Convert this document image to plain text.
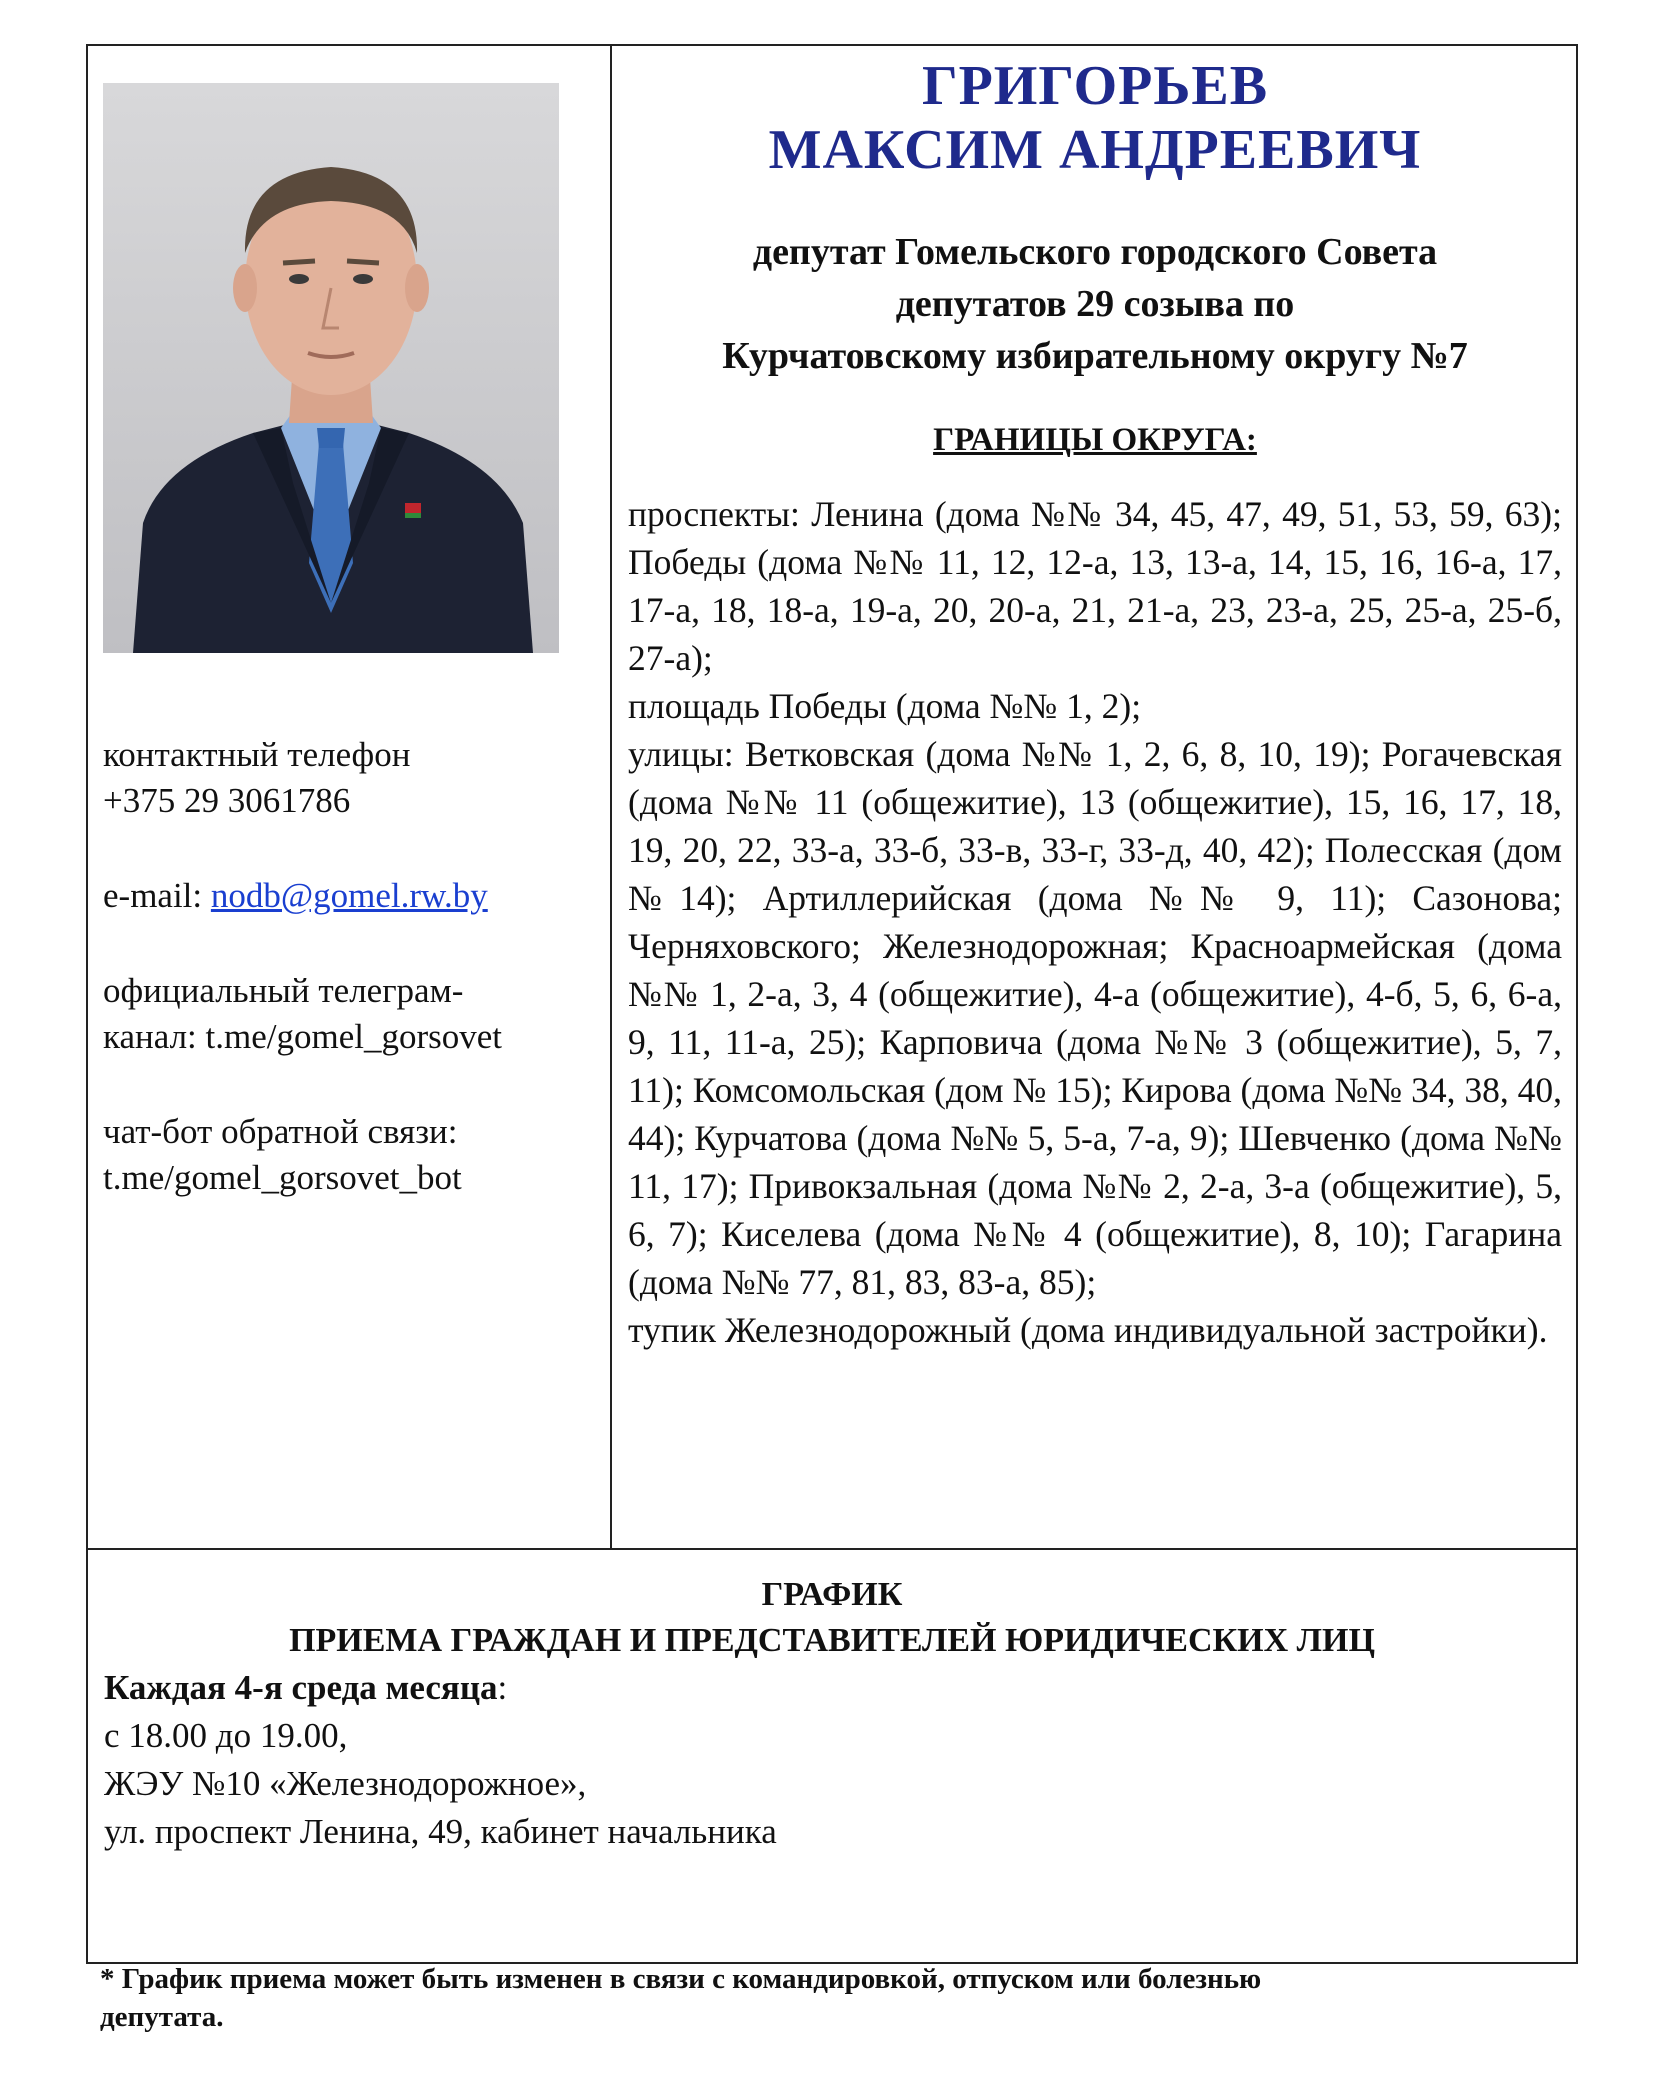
контактный телефон

+375 29 3061786

e-mail: nodb@gomel.rw.by

официальный телеграм-

канал: t.me/gomel_gorsovet

чат-бот обратной связи:

t.me/gomel_gorsovet_bot

ГРИГОРЬЕВ
МАКСИМ АНДРЕЕВИЧ
депутат Гомельского городского Совета
депутатов 29 созыва по
Курчатовскому избирательному округу №7
ГРАНИЦЫ ОКРУГА:

проспекты: Ленина (дома №№ 34, 45, 47, 49, 51, 53, 59, 63); Победы (дома №№ 11, 12, 12-а, 13, 13-а, 14, 15, 16, 16-а, 17, 17-а, 18, 18-а, 19-а, 20, 20-а, 21, 21-а, 23, 23-а, 25, 25-а, 25-б, 27-а);

площадь Победы (дома №№ 1, 2);

улицы: Ветковская (дома №№ 1, 2, 6, 8, 10, 19); Рогачевская (дома №№ 11 (общежитие), 13 (общежитие), 15, 16, 17, 18, 19, 20, 22, 33-а, 33-б, 33-в, 33-г, 33-д, 40, 42); Полесская (дом №14); Артиллерийская (дома №№ 9, 11); Сазонова; Черняховского; Железнодорожная; Красноармейская (дома №№ 1, 2-а, 3, 4 (общежитие), 4-а (общежитие), 4-б, 5, 6, 6-а, 9, 11, 11-а, 25); Карповича (дома №№ 3 (общежитие), 5, 7, 11); Комсомольская (дом № 15); Кирова (дома №№ 34, 38, 40, 44); Курчатова (дома №№ 5, 5-а, 7-а, 9); Шевченко (дома №№ 11, 17); Привокзальная (дома №№ 2, 2-а, 3-а (общежитие), 5, 6, 7); Киселева (дома №№ 4 (общежитие), 8, 10); Гагарина (дома №№ 77, 81, 83, 83-а, 85);

тупик Железнодорожный (дома индивидуальной застройки).

ГРАФИК
ПРИЕМА ГРАЖДАН И ПРЕДСТАВИТЕЛЕЙ ЮРИДИЧЕСКИХ ЛИЦ

Каждая 4-я среда месяца:

с 18.00 до 19.00,

ЖЭУ №10 «Железнодорожное»,

ул. проспект Ленина, 49, кабинет начальника

* График приема может быть изменен в связи с командировкой, отпуском или болезнью
депутата.
